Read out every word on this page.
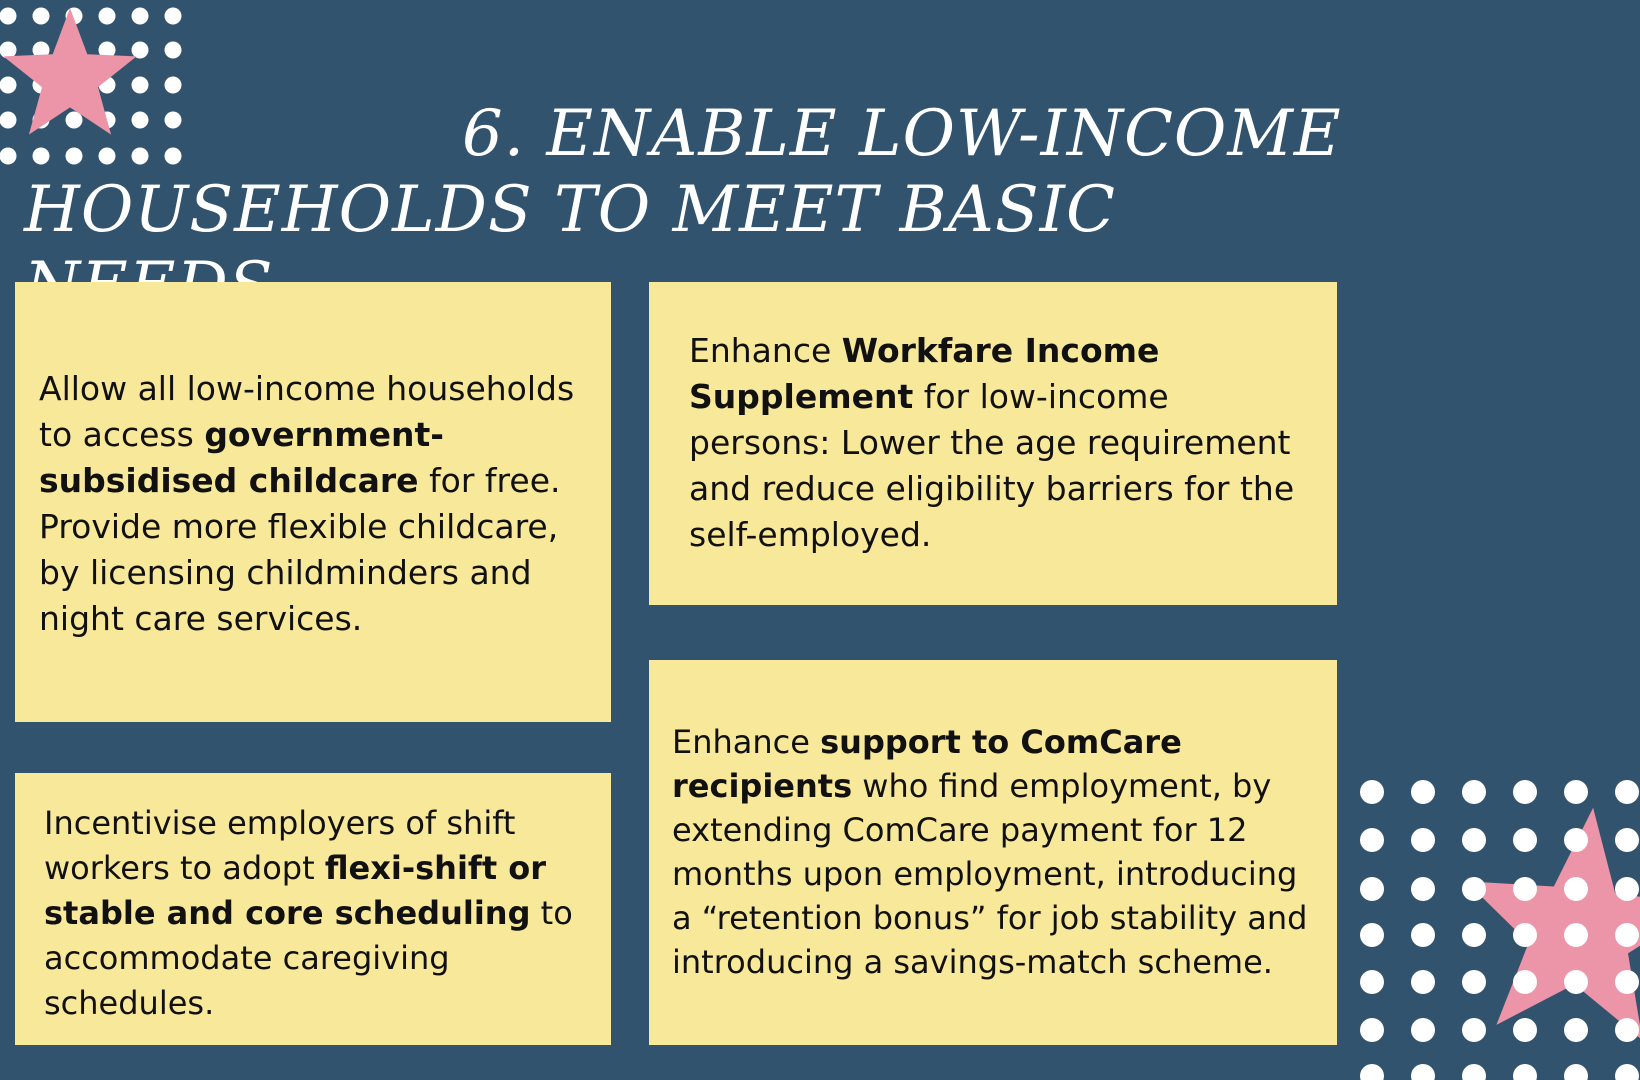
6. ENABLE LOW-INCOME
HOUSEHOLDS TO MEET BASIC

Allow all low-income households to access government-subsidised childcare for free. Provide more flexible childcare, by licensing childminders and night care services.

Enhance Workfare Income Supplement for low-income persons: Lower the age requirement and reduce eligibility barriers for the self-employed.

Enhance support to ComCare recipients who find employment, by extending ComCare payment for 12 months upon employment, introducing a “retention bonus” for job stability and introducing a savings-match scheme.

Incentivise employers of shift workers to adopt flexi-shift or stable and core scheduling to accommodate caregiving schedules.
